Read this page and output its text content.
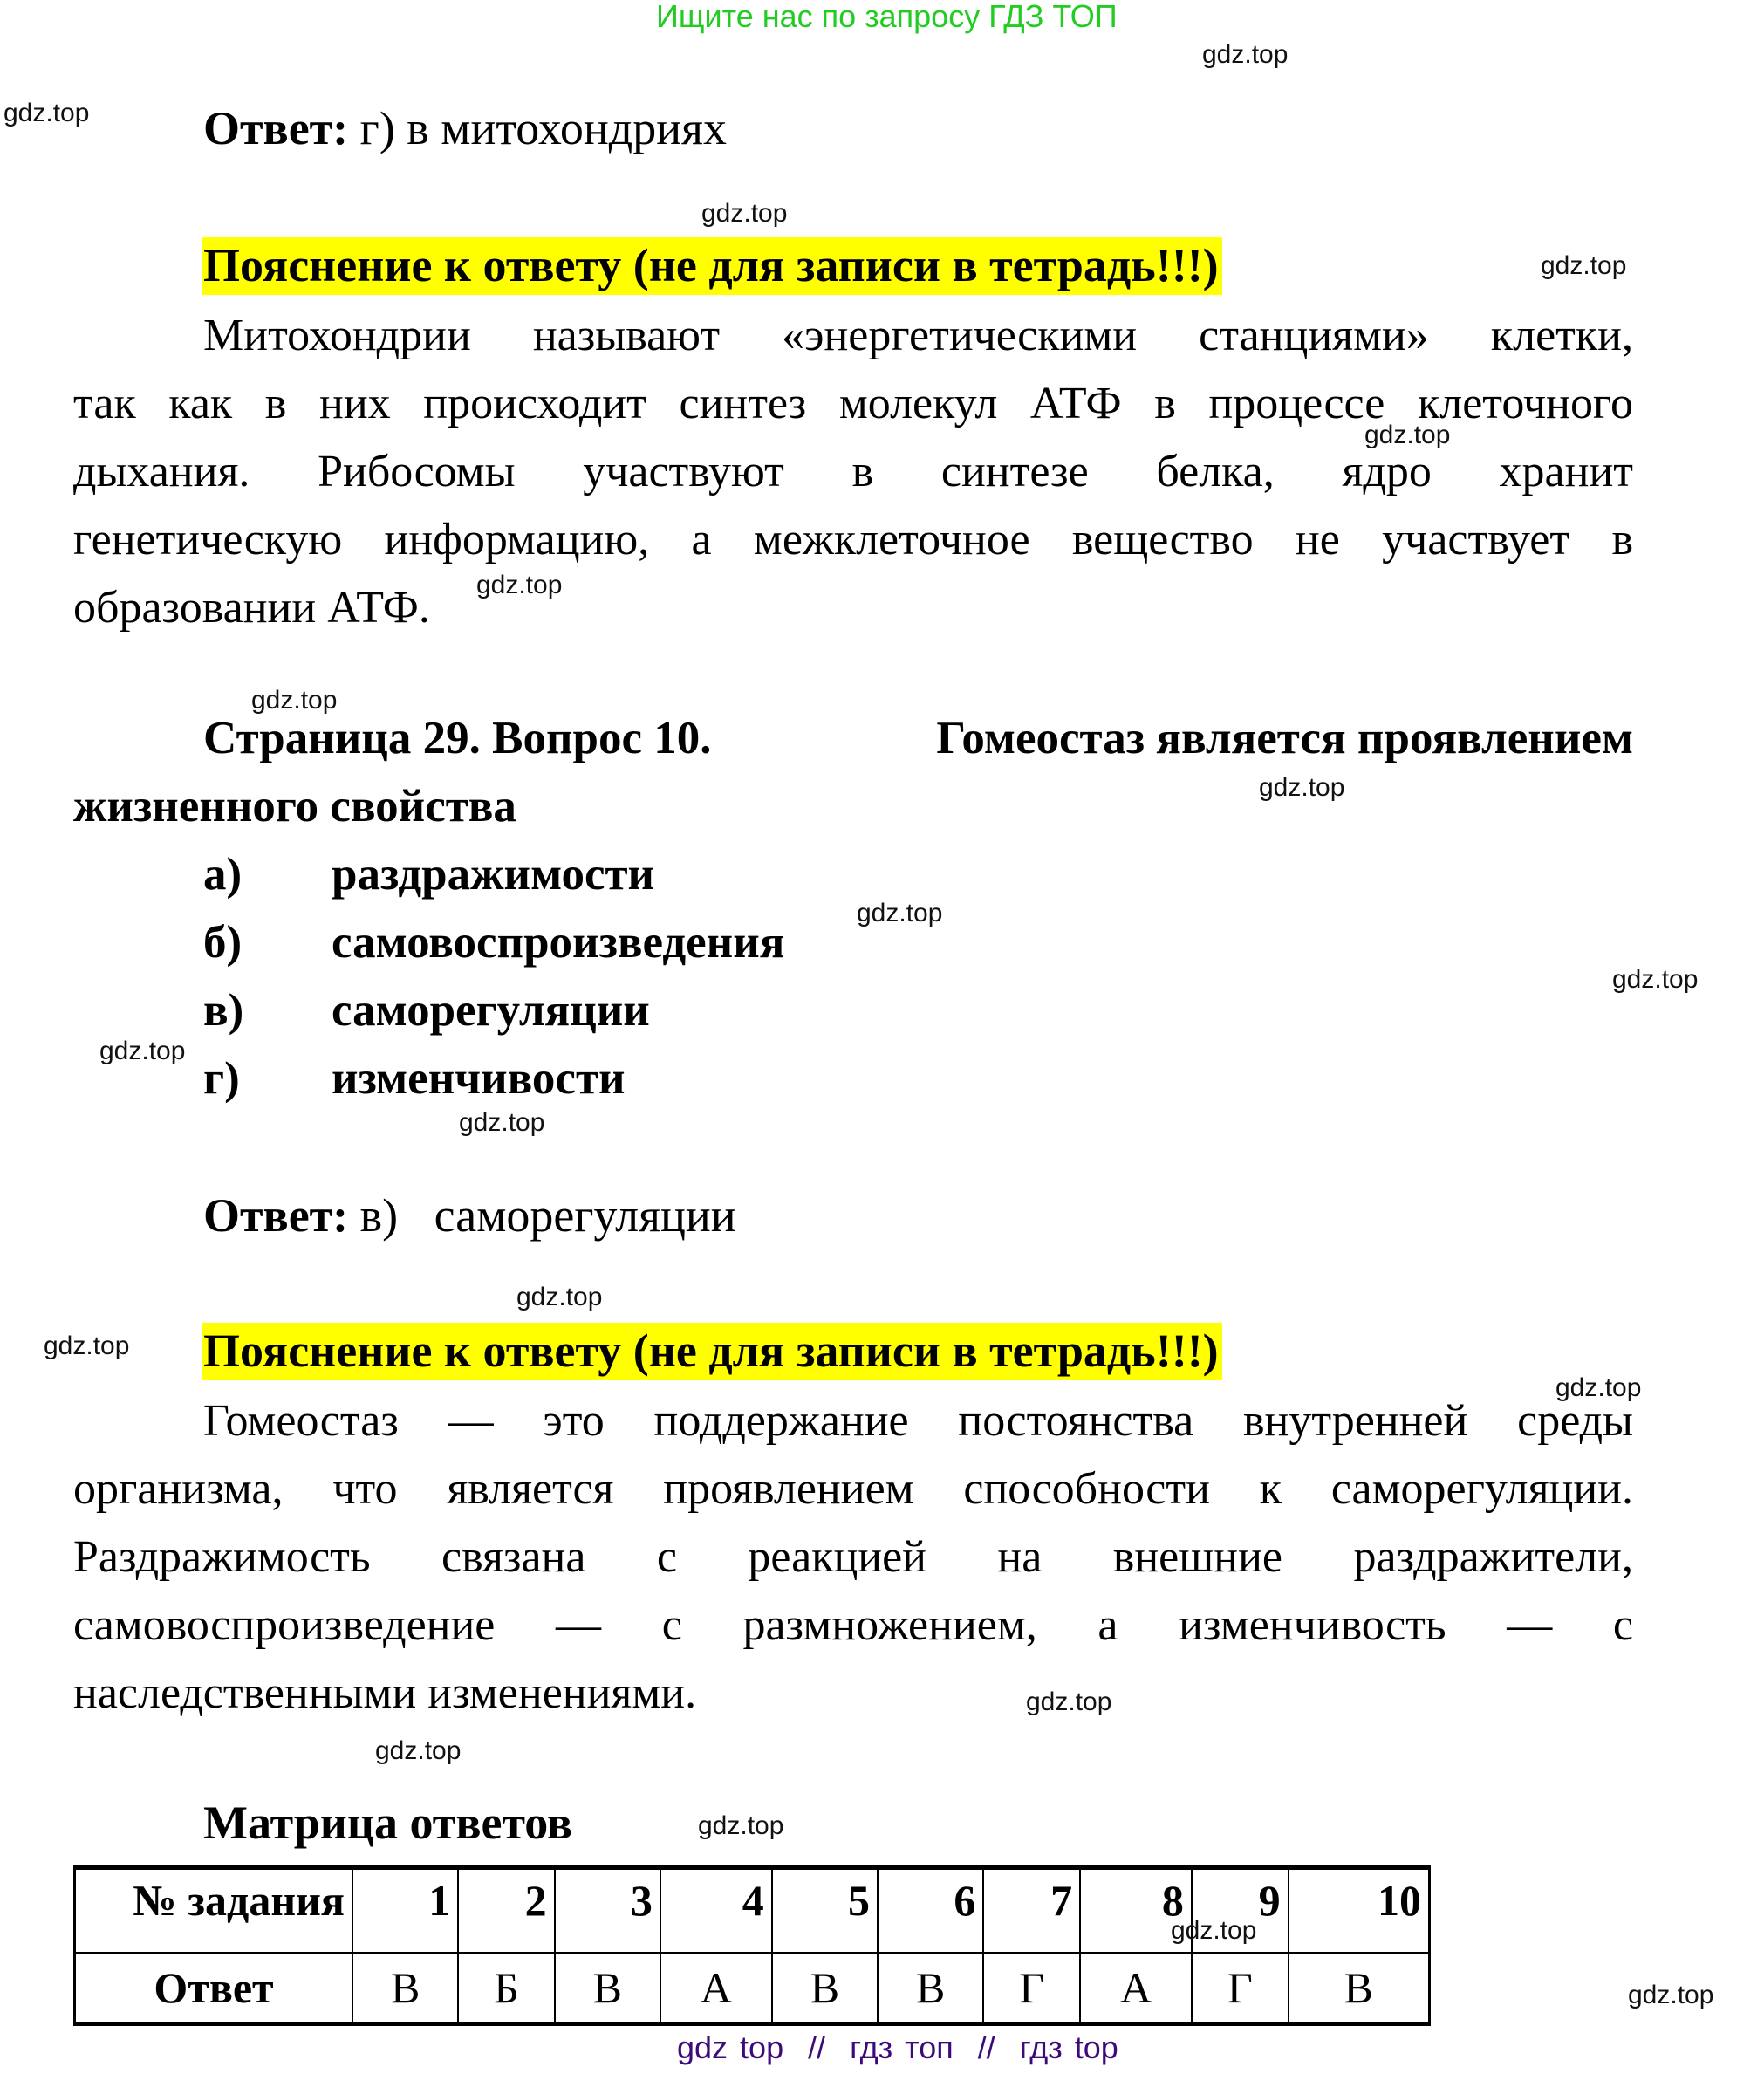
Ищите нас по запросу ГДЗ ТОП
gdz.top
gdz.top
gdz.top
gdz.top
gdz.top
gdz.top
gdz.top
gdz.top
gdz.top
gdz.top
gdz.top
gdz.top
gdz.top
gdz.top
gdz.top
gdz.top
gdz.top
gdz.top
gdz.top
gdz.top
Ответ: г) в митохондриях
Пояснение к ответу (не для записи в тетрадь!!!)
Митохондрии называют «энергетическими станциями» клетки,
так как в них происходит синтез молекул АТФ в процессе клеточного
дыхания. Рибосомы участвуют в синтезе белка, ядро хранит
генетическую информацию, а межклеточное вещество не участвует в
образовании АТФ.
Страница 29. Вопрос 10.	Гомеостаз является проявлением
жизненного свойства
а) раздражимости
б) самовоспроизведения
в) саморегуляции
г) изменчивости
Ответ: в) саморегуляции
Пояснение к ответу (не для записи в тетрадь!!!)
Гомеостаз — это поддержание постоянства внутренней среды
организма, что является проявлением способности к саморегуляции.
Раздражимость связана с реакцией на внешние раздражители,
самовоспроизведение — с размножением, а изменчивость — с
наследственными изменениями.
Матрица ответов
№ задания	1	2	3	4	5	6	7	8	9	10
Ответ	В	Б	В	А	В	В	Г	А	Г	В
gdz top  //  гдз топ  //  гдз top
